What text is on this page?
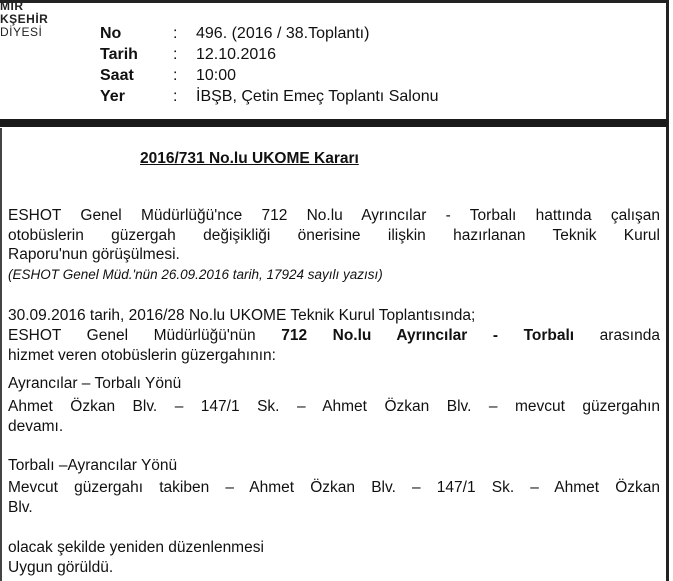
MİR
KŞEHİR
DİYESİ	No	: 496. (2016 / 38.Toplantı)
Tarih : 12.10.2016
Saat : 10:00
Yer	: İBŞB, Çetin Emeç Toplantı Salonu
2016/731 No.lu UKOME Kararı
ESHOT Genel Müdürlüğü'nce 712 No.lu Ayrıncılar - Torbalı hattında çalışan
otobüslerin güzergah değişikliği önerisine ilişkin hazırlanan Teknik Kurul
Raporu'nun görüşülmesi.
(ESHOT Genel Müd.'nün 26.09.2016 tarih, 17924 sayılı yazısı)
30.09.2016 tarih, 2016/28 No.lu UKOME Teknik Kurul Toplantısında;
ESHOT Genel Müdürlüğü'nün 712 No.lu Ayrıncılar - Torbalı arasında
hizmet veren otobüslerin güzergahının:
Ayrancılar – Torbalı Yönü
Ahmet Özkan Blv. – 147/1 Sk. – Ahmet Özkan Blv. – mevcut güzergahın
devamı.
Torbalı –Ayrancılar Yönü
Mevcut güzergahı takiben – Ahmet Özkan Blv. – 147/1 Sk. – Ahmet Özkan
Blv.
olacak şekilde yeniden düzenlenmesi
Uygun görüldü.
